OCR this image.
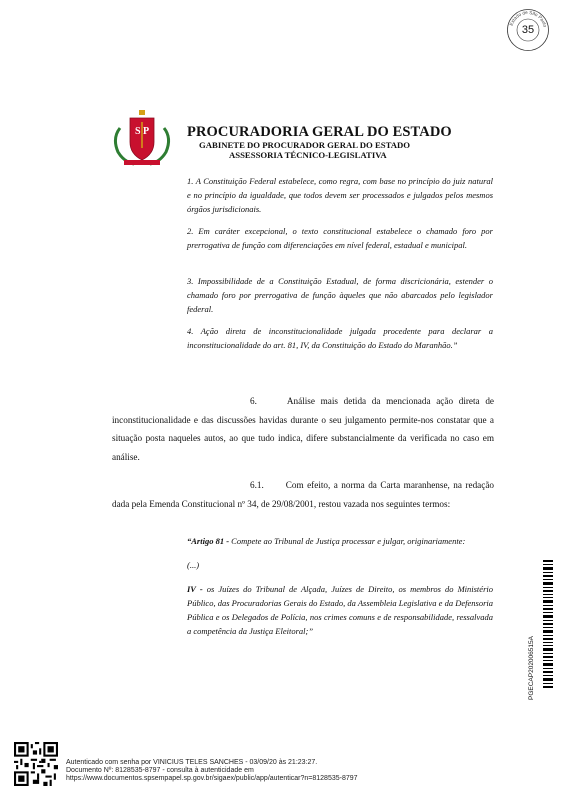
Estado de São Paulo
35
S P	PROCURADORIA GERAL DO ESTADO
GABINETE DO PROCURADOR GERAL DO ESTADO
ASSESSORIA TÉCNICO-LEGISLATIVA

1. A Constituição Federal estabelece, como regra, com base no princípio do juiz natural e no princípio da igualdade, que todos devem ser processados e julgados pelos mesmos órgãos jurisdicionais.

2. Em caráter excepcional, o texto constitucional estabelece o chamado foro por prerrogativa de função com diferenciações em nível federal, estadual e municipal.

3. Impossibilidade de a Constituição Estadual, de forma discricionária, estender o chamado foro por prerrogativa de função àqueles que não abarcados pelo legislador federal.

4. Ação direta de inconstitucionalidade julgada procedente para declarar a inconstitucionalidade do art. 81, IV, da Constituição do Estado do Maranhão.”

6.	Análise mais detida da mencionada ação direta de inconstitucionalidade e das discussões havidas durante o seu julgamento permite-nos constatar que a situação posta naqueles autos, ao que tudo indica, difere substancialmente da verificada no caso em análise.

6.1. Com efeito, a norma da Carta maranhense, na redação dada pela Emenda Constitucional nº 34, de 29/08/2001, restou vazada nos seguintes termos:

“Artigo 81 - Compete ao Tribunal de Justiça processar e julgar, originariamente:

(...)

IV - os Juízes do Tribunal de Alçada, Juízes de Direito, os membros do Ministério Público, das Procuradorias Gerais do Estado, da Assembleia Legislativa e da Defensoria Pública e os Delegados de Polícia, nos crimes comuns e de responsabilidade, ressalvada a competência da Justiça Eleitoral;”

PGECAP202006515A
Autenticado com senha por VINICIUS TELES SANCHES - 03/09/20 às 21:23:27.
Documento Nº: 8128535-8797 - consulta à autenticidade em
https://www.documentos.spsempapel.sp.gov.br/sigaex/public/app/autenticar?n=8128535-8797
